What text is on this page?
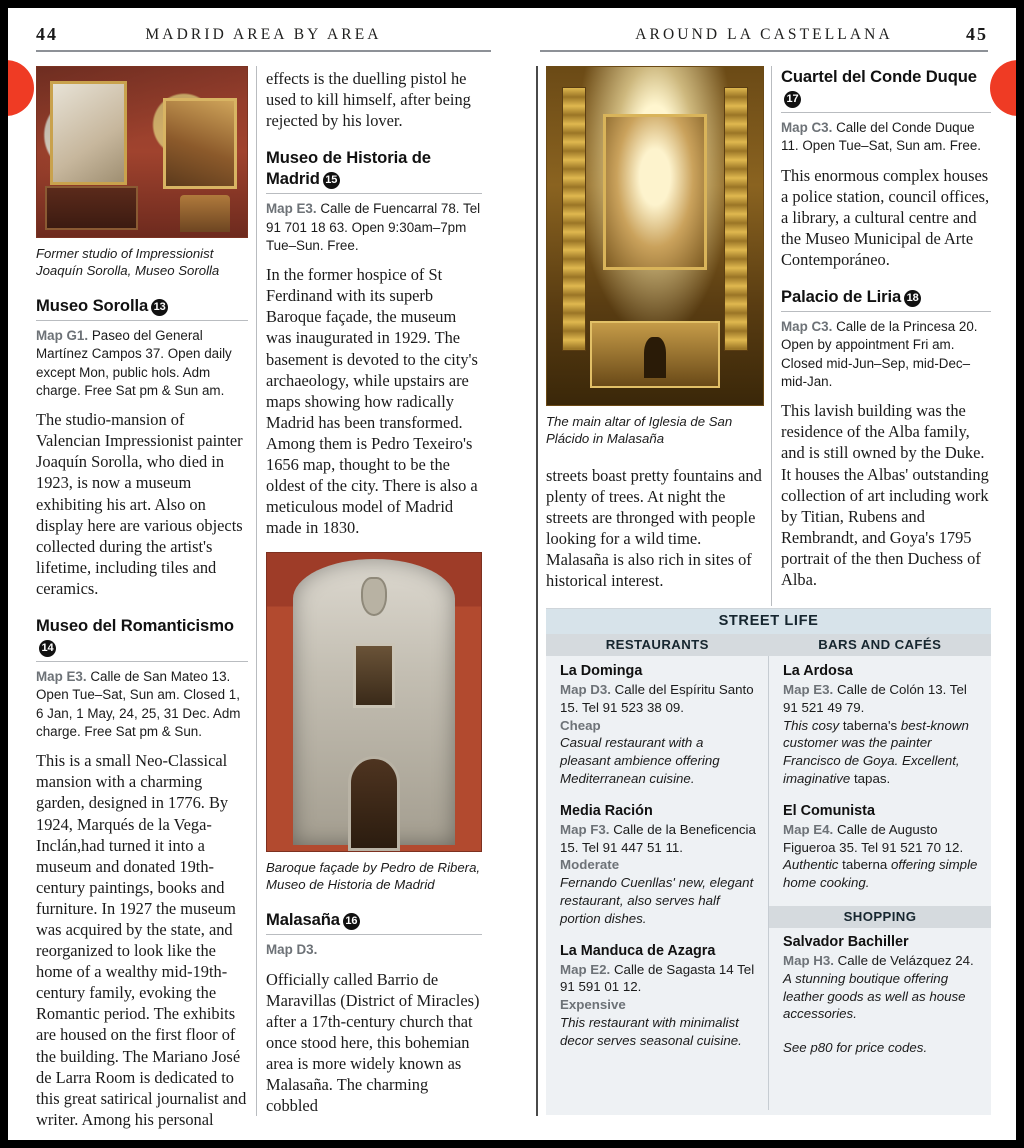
44	MADRID AREA BY AREA	45
AROUND LA CASTELLANA
Former studio of Impressionist Joaquín Sorolla, Museo Sorolla
Museo Sorolla 13

Map G1. Paseo del General Martínez Campos 37. Open daily except Mon, public hols. Adm charge. Free Sat pm & Sun am.

The studio-mansion of Valencian Impressionist painter Joaquín Sorolla, who died in 1923, is now a museum exhibiting his art. Also on display here are various objects collected during the artist's lifetime, including tiles and ceramics.

Museo del Romanticismo14

Map E3. Calle de San Mateo 13. Open Tue–Sat, Sun am. Closed 1, 6 Jan, 1 May, 24, 25, 31 Dec. Adm charge. Free Sat pm & Sun.

This is a small Neo-Classical mansion with a charming garden, designed in 1776. By 1924, Marqués de la Vega-Inclán,had turned it into a museum and donated 19th-century paintings, books and furniture. In 1927 the museum was acquired by the state, and reorganized to look like the home of a wealthy mid-19th-century family, evoking the Romantic period. The exhibits are housed on the first floor of the building. The Mariano José de Larra Room is dedicated to this great satirical journalist and writer. Among his personal

effects is the duelling pistol he used to kill himself, after being rejected by his lover.

Museo de Historia de Madrid 15

Map E3. Calle de Fuencarral 78. Tel 91 701 18 63. Open 9:30am–7pm Tue–Sun. Free.

In the former hospice of St Ferdinand with its superb Baroque façade, the museum was inaugurated in 1929. The basement is devoted to the city's archaeology, while upstairs are maps showing how radically Madrid has been transformed. Among them is Pedro Texeiro's 1656 map, thought to be the oldest of the city. There is also a meticulous model of Madrid made in 1830.

Baroque façade by Pedro de Ribera, Museo de Historia de Madrid
Malasaña 16

Map D3.

Officially called Barrio de Maravillas (District of Miracles) after a 17th-century church that once stood here, this bohemian area is more widely known as Malasaña. The charming cobbled

The main altar of Iglesia de San Plácido in Malasaña

streets boast pretty fountains and plenty of trees. At night the streets are thronged with people looking for a wild time. Malasaña is also rich in sites of historical interest.

Cuartel del Conde Duque17

Map C3. Calle del Conde Duque 11. Open Tue–Sat, Sun am. Free.

This enormous complex houses a police station, council offices, a library, a cultural centre and the Museo Municipal de Arte Contemporáneo.

Palacio de Liria 18

Map C3. Calle de la Princesa 20. Open by appointment Fri am. Closed mid-Jun–Sep, mid-Dec–mid-Jan.

This lavish building was the residence of the Alba family, and is still owned by the Duke. It houses the Albas' outstanding collection of art including work by Titian, Rubens and Rembrandt, and Goya's 1795 portrait of the then Duchess of Alba.

STREET LIFE
RESTAURANTS	BARS AND CAFÉS
La Dominga
Map D3. Calle del Espíritu Santo 15. Tel 91 523 38 09.
Cheap
Casual restaurant with a pleasant ambience offering Mediterranean cuisine.
Media Ración
Map F3. Calle de la Beneficencia 15. Tel 91 447 51 11.
Moderate
Fernando Cuenllas' new, elegant restaurant, also serves half portion dishes.
La Manduca de Azagra
Map E2. Calle de Sagasta 14 Tel 91 591 01 12.
Expensive
This restaurant with minimalist decor serves seasonal cuisine.
La Ardosa
Map E3. Calle de Colón 13. Tel 91 521 49 79.
This cosy taberna's best-known customer was the painter Francisco de Goya. Excellent, imaginative tapas.
El Comunista
Map E4. Calle de Augusto Figueroa 35. Tel 91 521 70 12.
Authentic taberna offering simple home cooking.
SHOPPING
Salvador Bachiller
Map H3. Calle de Velázquez 24.
A stunning boutique offering leather goods as well as house accessories.
See p80 for price codes.
